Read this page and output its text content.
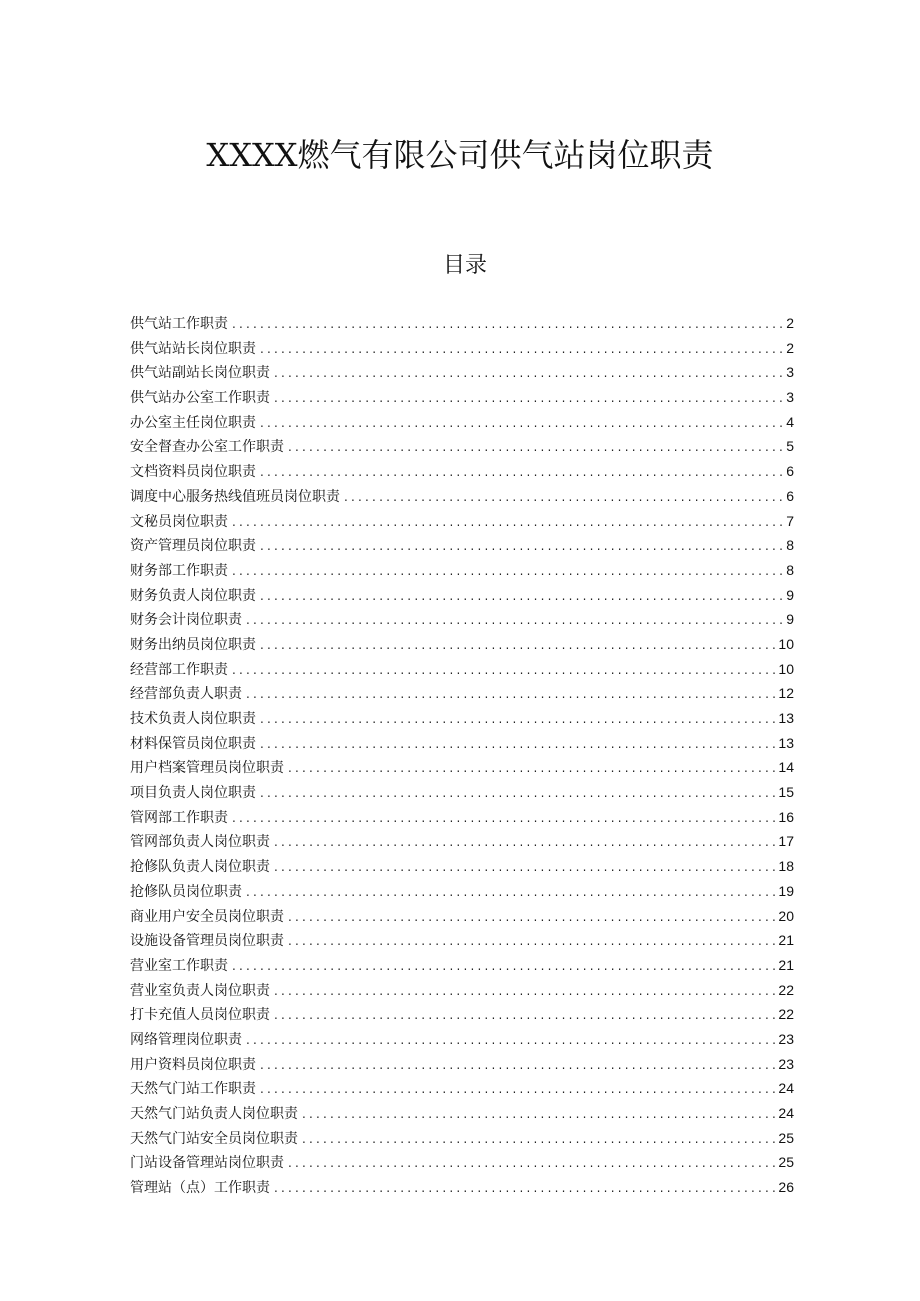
XXXX燃气有限公司供气站岗位职责
目录
供气站工作职责 .....	2
供气站站长岗位职责 .....	2
供气站副站长岗位职责 .....	3
供气站办公室工作职责 .....	3
办公室主任岗位职责 .....	4
安全督查办公室工作职责 .....	5
文档资料员岗位职责 .....	6
调度中心服务热线值班员岗位职责 .....	6
文秘员岗位职责 .....	7
资产管理员岗位职责 .....	8
财务部工作职责 .....	8
财务负责人岗位职责 .....	9
财务会计岗位职责 .....	9
财务出纳员岗位职责 .....	10
经营部工作职责 .....	10
经营部负责人职责 .....	12
技术负责人岗位职责 .....	13
材料保管员岗位职责 .....	13
用户档案管理员岗位职责 .....	14
项目负责人岗位职责 .....	15
管网部工作职责 .....	16
管网部负责人岗位职责 .....	17
抢修队负责人岗位职责 .....	18
抢修队员岗位职责 .....	19
商业用户安全员岗位职责 .....	20
设施设备管理员岗位职责 .....	21
营业室工作职责 .....	21
营业室负责人岗位职责 .....	22
打卡充值人员岗位职责 .....	22
网络管理岗位职责 .....	23
用户资料员岗位职责 .....	23
天然气门站工作职责 .....	24
天然气门站负责人岗位职责 .....	24
天然气门站安全员岗位职责 .....	25
门站设备管理站岗位职责 .....	25
管理站（点）工作职责 .....	26
